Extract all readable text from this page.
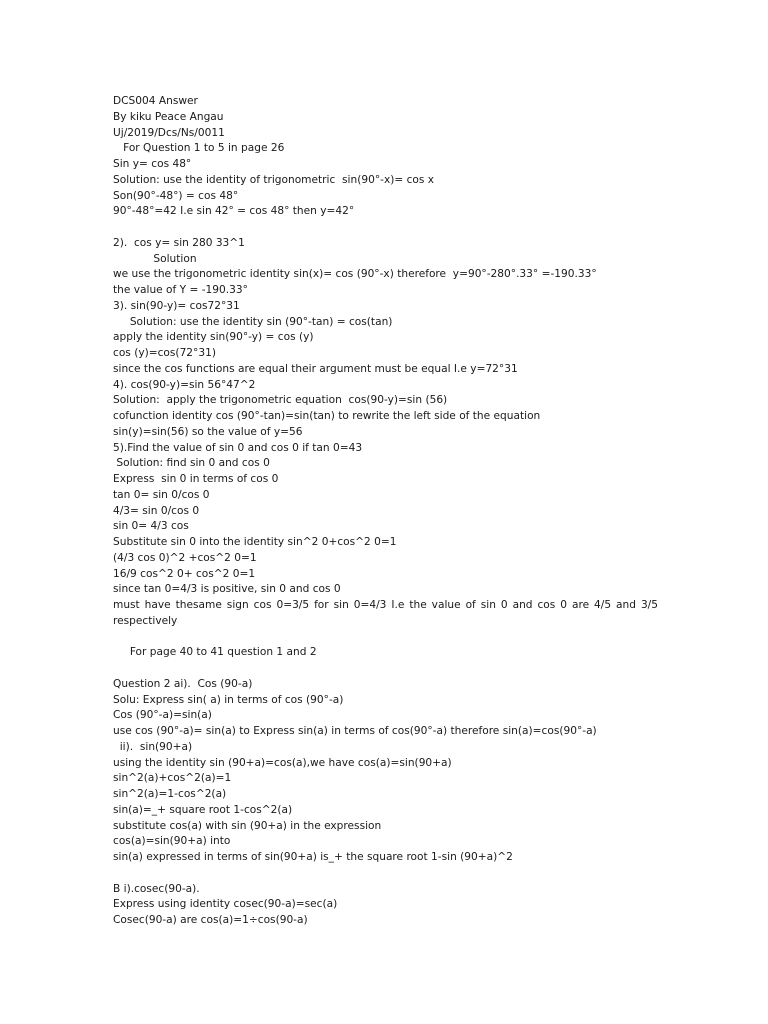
DCS004 Answer
By kiku Peace Angau
Uj/2019/Dcs/Ns/0011
For Question 1 to 5 in page 26
Sin y= cos 48°
Solution: use the identity of trigonometric  sin(90°-x)= cos x
Son(90°-48°) = cos 48°
90°-48°=42 I.e sin 42° = cos 48° then y=42°
2).  cos y= sin 280 33^1
Solution
we use the trigonometric identity sin(x)= cos (90°-x) therefore  y=90°-280°.33° =-190.33°
the value of Y = -190.33°
3). sin(90-y)= cos72°31
Solution: use the identity sin (90°-tan) = cos(tan)
apply the identity sin(90°-y) = cos (y)
cos (y)=cos(72°31)
since the cos functions are equal their argument must be equal I.e y=72°31
4). cos(90-y)=sin 56°47^2
Solution:  apply the trigonometric equation  cos(90-y)=sin (56)
cofunction identity cos (90°-tan)=sin(tan) to rewrite the left side of the equation
sin(y)=sin(56) so the value of y=56
5).Find the value of sin 0 and cos 0 if tan 0=43
Solution: find sin 0 and cos 0
Express  sin 0 in terms of cos 0
tan 0= sin 0/cos 0
4/3= sin 0/cos 0
sin 0= 4/3 cos
Substitute sin 0 into the identity sin^2 0+cos^2 0=1
(4/3 cos 0)^2 +cos^2 0=1
16/9 cos^2 0+ cos^2 0=1
since tan 0=4/3 is positive, sin 0 and cos 0
must have thesame sign cos 0=3/5 for sin 0=4/3 I.e the value of sin 0 and cos 0 are 4/5 and 3/5
respectively
For page 40 to 41 question 1 and 2
Question 2 ai).  Cos (90-a)
Solu: Express sin( a) in terms of cos (90°-a)
Cos (90°-a)=sin(a)
use cos (90°-a)= sin(a) to Express sin(a) in terms of cos(90°-a) therefore sin(a)=cos(90°-a)
ii).  sin(90+a)
using the identity sin (90+a)=cos(a),we have cos(a)=sin(90+a)
sin^2(a)+cos^2(a)=1
sin^2(a)=1-cos^2(a)
sin(a)=_+ square root 1-cos^2(a)
substitute cos(a) with sin (90+a) in the expression
cos(a)=sin(90+a) into
sin(a) expressed in terms of sin(90+a) is_+ the square root 1-sin (90+a)^2
B i).cosec(90-a).
Express using identity cosec(90-a)=sec(a)
Cosec(90-a) are cos(a)=1÷cos(90-a)
